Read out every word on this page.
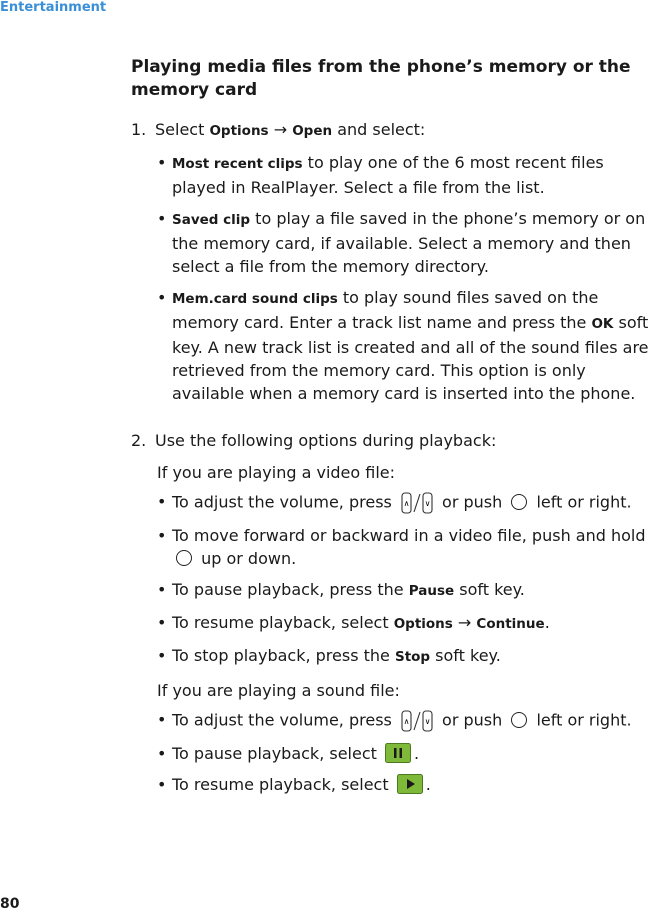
Entertainment
Playing media files from the phone’s memory or the memory card
1. Select Options → Open and select:
• Most recent clips to play one of the 6 most recent files played in RealPlayer. Select a file from the list.
• Saved clip to play a file saved in the phone’s memory or on the memory card, if available. Select a memory and then select a file from the memory directory.
• Mem.card sound clips to play sound files saved on the memory card. Enter a track list name and press the OK soft key. A new track list is created and all of the sound files are retrieved from the memory card. This option is only available when a memory card is inserted into the phone.
2. Use the following options during playback:
If you are playing a video file:
• To adjust the volume, press ∧ ∨ or push  left or right.
• To move forward or backward in a video file, push and hold  up or down.
• To pause playback, press the Pause soft key.
• To resume playback, select Options → Continue.
• To stop playback, press the Stop soft key.
If you are playing a sound file:
• To adjust the volume, press ∧ ∨ or push  left or right.
• To pause playback, select .
• To resume playback, select .
80
